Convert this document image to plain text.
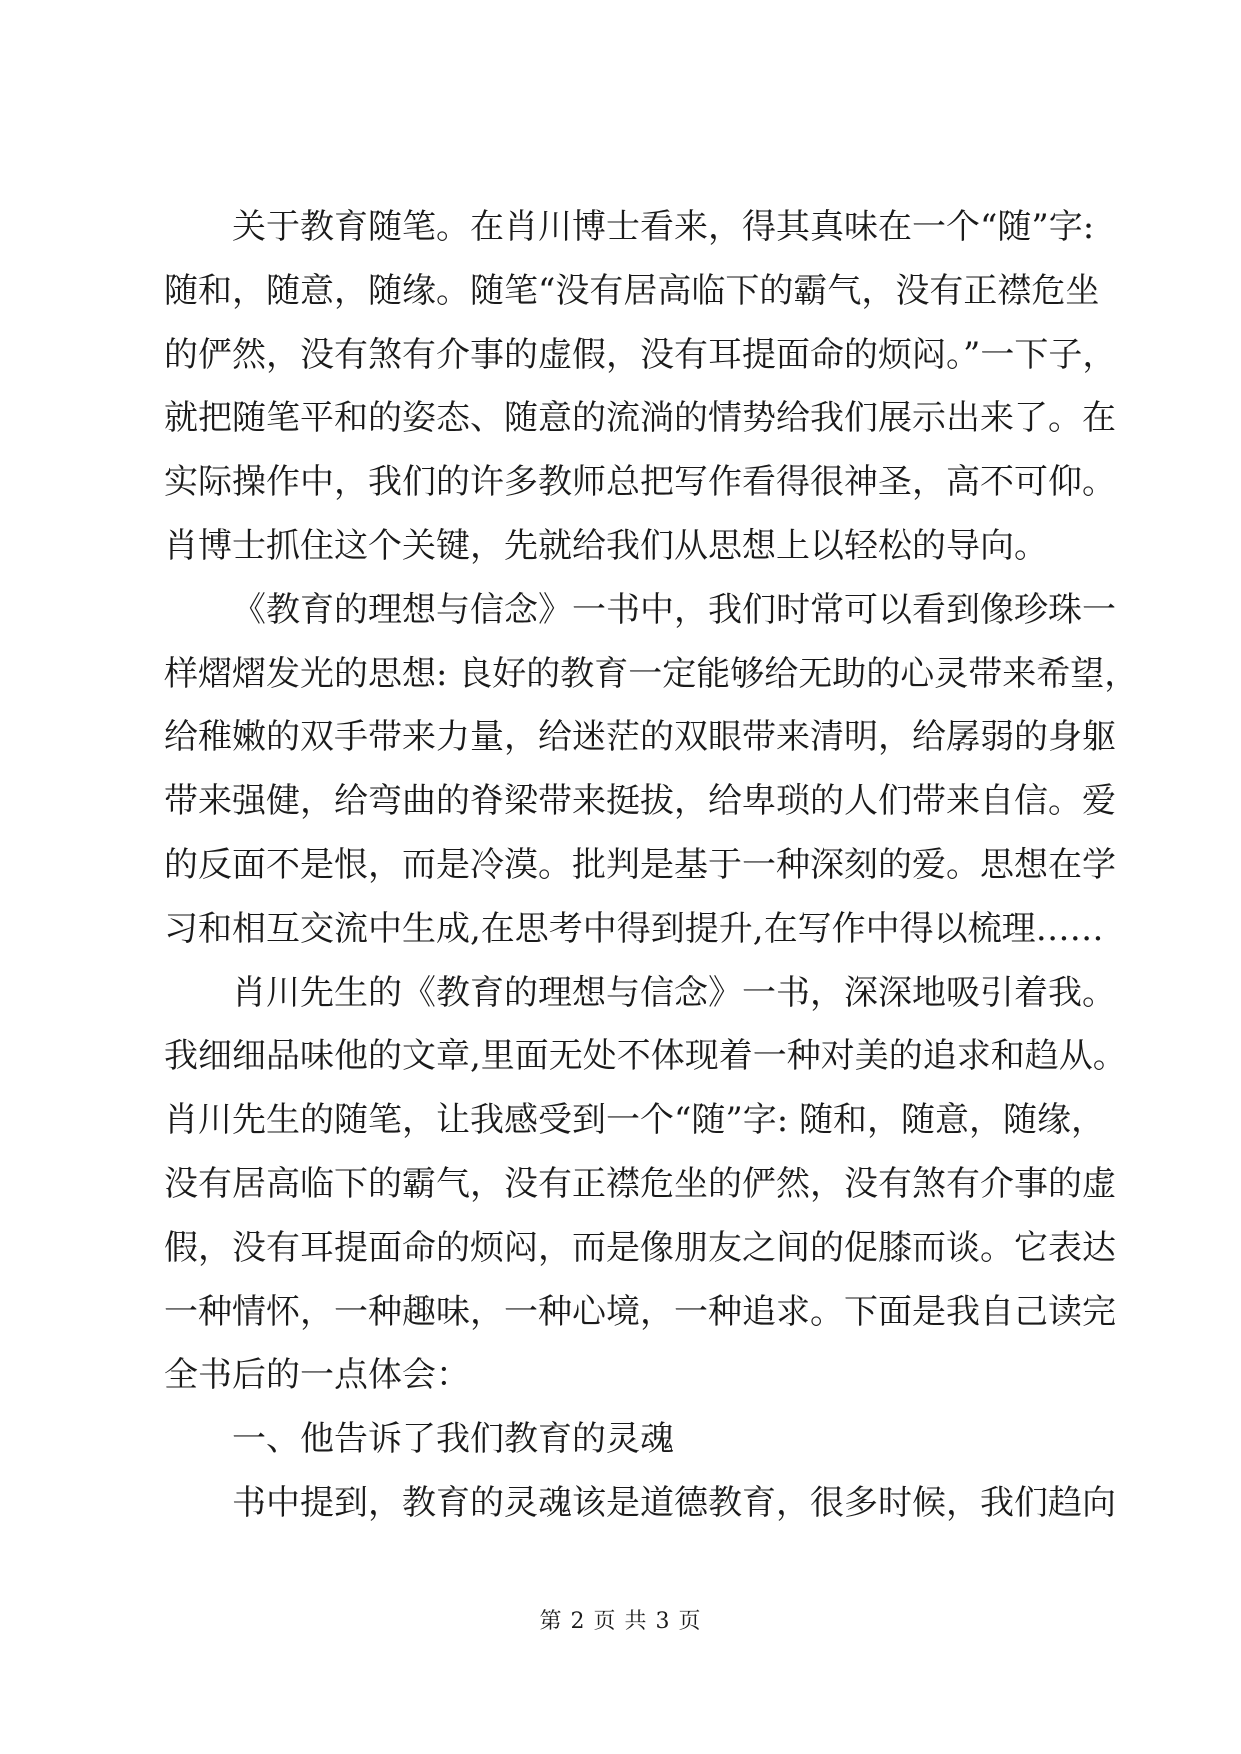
关于教育随笔。在肖川博士看来，得其真味在一个“随”字:
随和，随意，随缘。随笔“没有居高临下的霸气，没有正襟危坐
的俨然，没有煞有介事的虚假，没有耳提面命的烦闷。”一下子，
就把随笔平和的姿态、随意的流淌的情势给我们展示出来了。在
实际操作中，我们的许多教师总把写作看得很神圣，高不可仰。
肖博士抓住这个关键，先就给我们从思想上以轻松的导向。
《教育的理想与信念》一书中，我们时常可以看到像珍珠一
样熠熠发光的思想: 良好的教育一定能够给无助的心灵带来希望，
给稚嫩的双手带来力量，给迷茫的双眼带来清明，给孱弱的身躯
带来强健，给弯曲的脊梁带来挺拔，给卑琐的人们带来自信。爱
的反面不是恨，而是冷漠。批判是基于一种深刻的爱。思想在学
习和相互交流中生成,在思考中得到提升,在写作中得以梳理……
肖川先生的《教育的理想与信念》一书，深深地吸引着我。
我细细品味他的文章,里面无处不体现着一种对美的追求和趋从。
肖川先生的随笔，让我感受到一个“随”字: 随和，随意，随缘，
没有居高临下的霸气，没有正襟危坐的俨然，没有煞有介事的虚
假，没有耳提面命的烦闷，而是像朋友之间的促膝而谈。它表达
一种情怀，一种趣味，一种心境，一种追求。下面是我自己读完
全书后的一点体会：
一、他告诉了我们教育的灵魂
书中提到，教育的灵魂该是道德教育，很多时候，我们趋向
第 2 页 共 3 页
